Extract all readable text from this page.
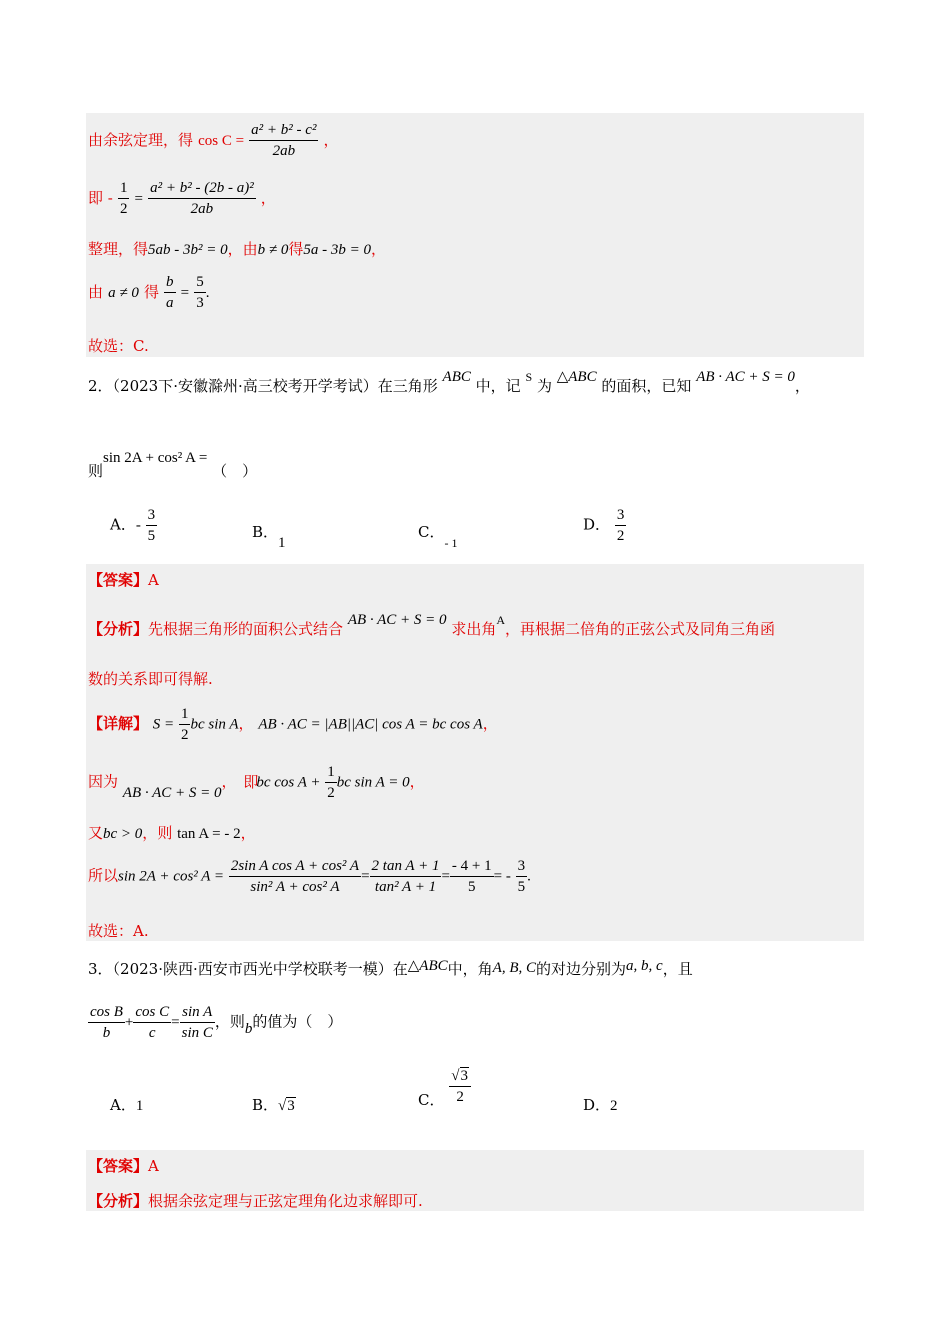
由余弦定理，得 $\cos C = \frac{\text{a² + b² - c²}}{2ab}$ ，
即 - $\frac{1}{2} = \frac{\text{a² + b² - (2b - a)²}}{2ab}$ ，
整理，得5ab - 3b² = 0，由b ≠ 0得5a - 3b = 0，
由 a ≠ 0 得 $\frac{b}{a} = \frac{5}{3}$ .
故选：C.
2．（2023下·安徽滁州·高三校考开学考试）在三角形 ABC 中，记 $^S$ 为 △ABC 的面积，已知 AB · AC + S = 0，
则sin 2A + cos² A = （　）
A．- $\frac{3}{5}$	B．1
C．$_{- 1}$
D． $\frac{3}{2}$
【答案】A
【分析】先根据三角形的面积公式结合 AB · AC + S = 0 求出角$^A$，再根据二倍角的正弦公式及同角三角函
数的关系即可得解.
【详解】 $S = \frac{1}{2}$ bc sin A， AB · AC = |AB||AC| cos A = bc cos A，
因为 AB · AC + S = 0， 即bc $\cos A + \frac{1}{2}$ bc sin A = 0，
又bc > 0，则 tan A = - 2，
所以sin 2A + cos² $A = \frac{\text{2sin A cos A + cos² A}}{\text{sin² A + cos² A}} = \frac{\text{2 tan A + 1}}{\text{tan² A + 1}} = \frac{- 4 + 1}{5}$ = - $\frac{3}{5}$ .
故选：A.
3．（2023·陕西·西安市西光中学校联考一模）在△ABC中，角A, B, C的对边分别为a, b, c，且
$\frac{\text{cos B}}{b} + \frac{\text{cos C}}{c} = \frac{\text{sin A}}{\text{sin C}}$ ，则b的值为（　）
A．1	B．√3	C． $\frac{√3}{2}$	D．2
【答案】A
【分析】根据余弦定理与正弦定理角化边求解即可.
